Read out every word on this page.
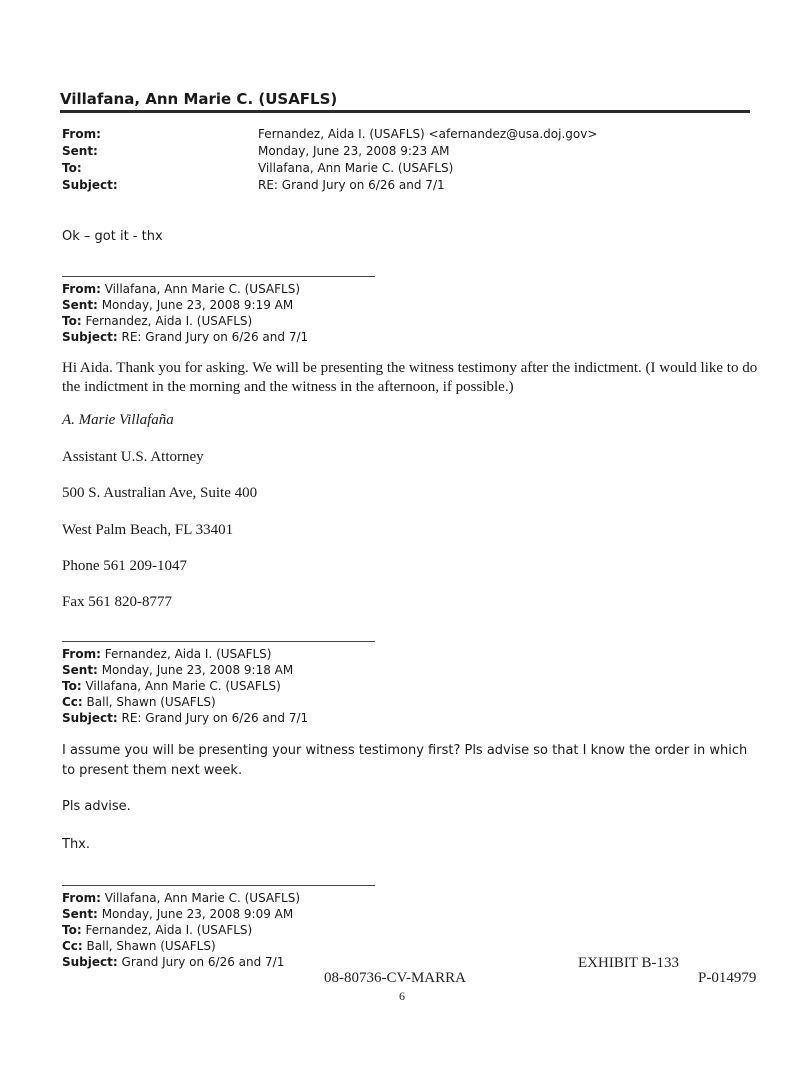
Villafana, Ann Marie C. (USAFLS)
From:	Fernandez, Aida I. (USAFLS) <afernandez@usa.doj.gov>
Sent:	Monday, June 23, 2008 9:23 AM
To:	Villafana, Ann Marie C. (USAFLS)
Subject:	RE: Grand Jury on 6/26 and 7/1
Ok – got it - thx
From: Villafana, Ann Marie C. (USAFLS)
Sent: Monday, June 23, 2008 9:19 AM
To: Fernandez, Aida I. (USAFLS)
Subject: RE: Grand Jury on 6/26 and 7/1
Hi Aida. Thank you for asking. We will be presenting the witness testimony after the indictment. (I would like to do the indictment in the morning and the witness in the afternoon, if possible.)
A. Marie Villafaña
Assistant U.S. Attorney
500 S. Australian Ave, Suite 400
West Palm Beach, FL 33401
Phone 561 209-1047
Fax 561 820-8777
From: Fernandez, Aida I. (USAFLS)
Sent: Monday, June 23, 2008 9:18 AM
To: Villafana, Ann Marie C. (USAFLS)
Cc: Ball, Shawn (USAFLS)
Subject: RE: Grand Jury on 6/26 and 7/1
I assume you will be presenting your witness testimony first? Pls advise so that I know the order in which to present them next week.
Pls advise.
Thx.
From: Villafana, Ann Marie C. (USAFLS)
Sent: Monday, June 23, 2008 9:09 AM
To: Fernandez, Aida I. (USAFLS)
Cc: Ball, Shawn (USAFLS)
Subject: Grand Jury on 6/26 and 7/1	EXHIBIT B-133
08-80736-CV-MARRA	P-014979
6
